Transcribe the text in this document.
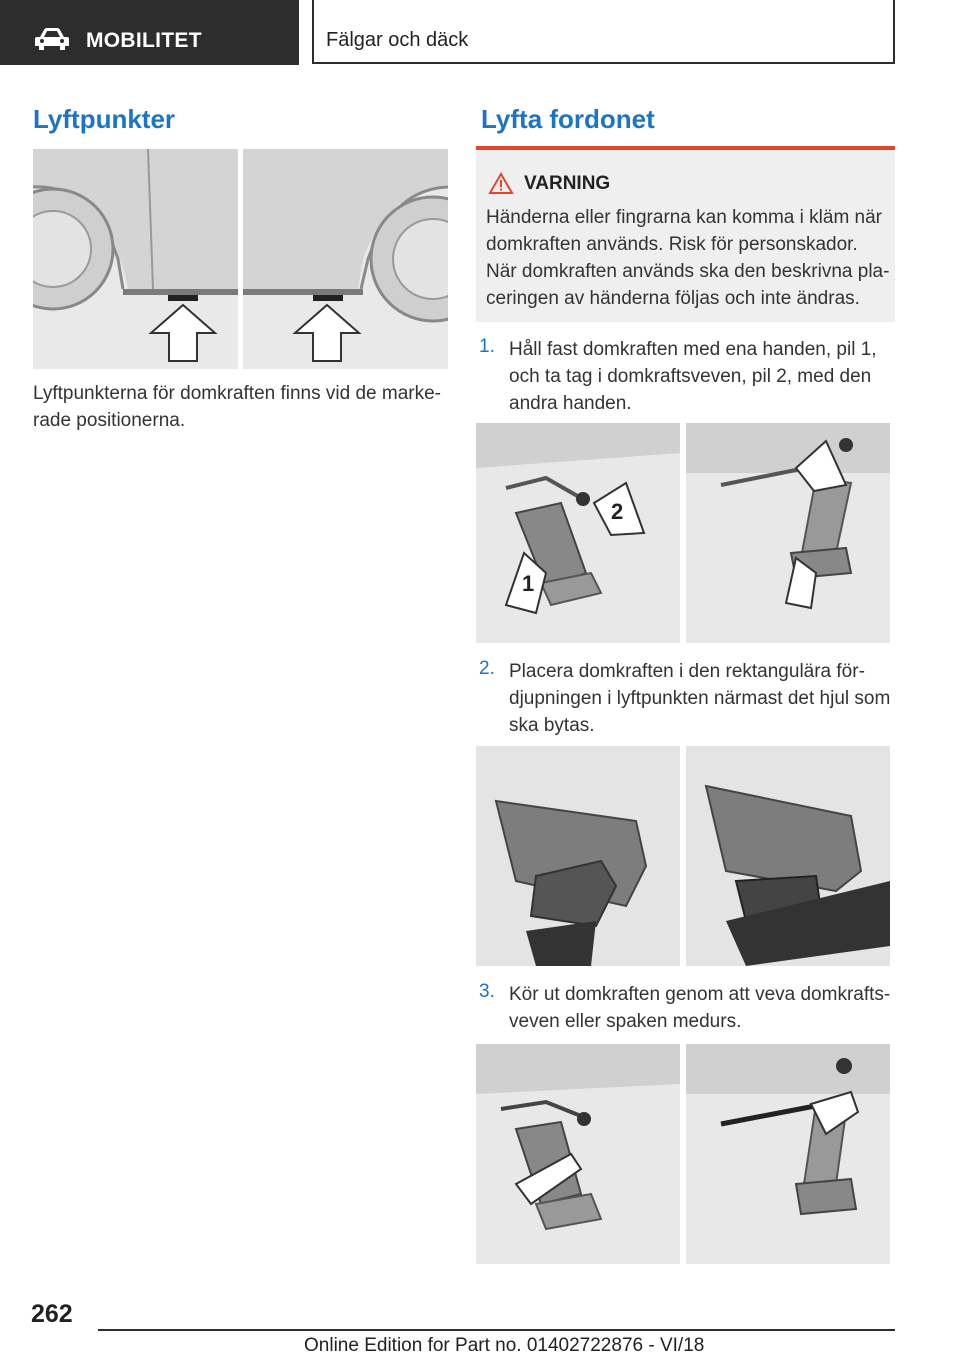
MOBILITET	Fälgar och däck
Lyftpunkter

Lyftpunkterna för domkraften finns vid de marke-rade positionerna.

Lyfta fordonet
VARNING

Händerna eller fingrarna kan komma i kläm när domkraften används. Risk för personskador. När domkraften används ska den beskrivna pla-ceringen av händerna följas och inte ändras.

1. Håll fast domkraften med ena handen, pil 1, och ta tag i domkraftsveven, pil 2, med den andra handen.

2
1
2. Placera domkraften i den rektangulära för-djupningen i lyftpunkten närmast det hjul som ska bytas.

3. Kör ut domkraften genom att veva domkrafts-veven eller spaken medurs.

262
Online Edition for Part no. 01402722876 - VI/18
